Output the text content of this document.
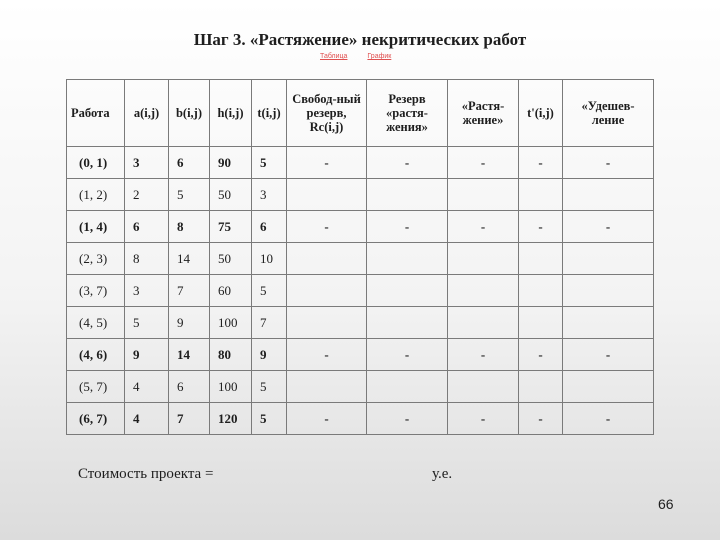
Шаг 3. «Растяжение» некритических работ
Таблица	График
Работа	a(i,j)	b(i,j)	h(i,j)	t(i,j)	Свобод-ный резерв, Rс(i,j)	Резерв «растя-жения»	«Растя-жение»	t'(i,j)	«Удешев-ление
(0, 1)	3	6	90	5	-	-	-	-	-
(1, 2)	2	5	50	3					
(1, 4)	6	8	75	6	-	-	-	-	-
(2, 3)	8	14	50	10					
(3, 7)	3	7	60	5					
(4, 5)	5	9	100	7					
(4, 6)	9	14	80	9	-	-	-	-	-
(5, 7)	4	6	100	5					
(6, 7)	4	7	120	5	-	-	-	-	-
Стоимость проекта =	у.е.
66
